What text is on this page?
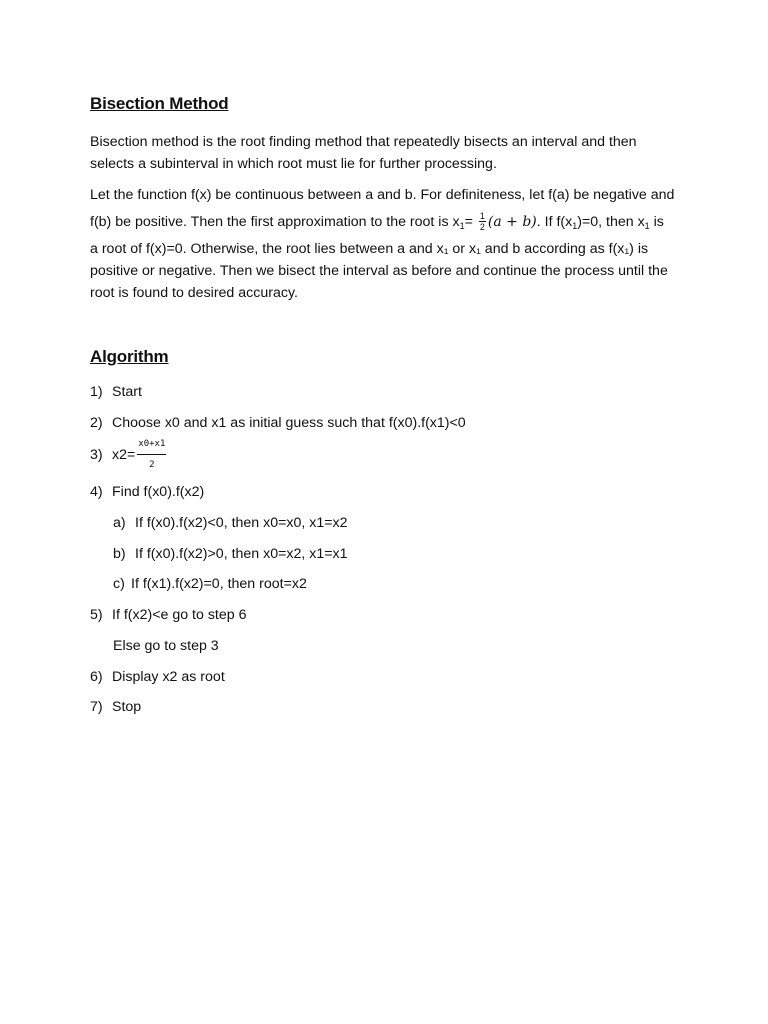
Bisection Method
Bisection method is the root finding method that repeatedly bisects an interval and then
selects a subinterval in which root must lie for further processing.
Let the function f(x) be continuous between a and b. For definiteness, let f(a) be negative and
f(b) be positive. Then the first approximation to the root is $x_1= \frac{1}{2} (a + b)$. If $f(x_1)=0$, then $x_1$ is
a root of f(x)=0. Otherwise, the root lies between a and x₁ or x₁ and b according as f(x₁) is
positive or negative. Then we bisect the interval as before and continue the process until the
root is found to desired accuracy.
Algorithm
1) Start
2) Choose x0 and x1 as initial guess such that f(x0).f(x1)<0
3) $x2= \frac{x0+x1}{2}$
4) Find f(x0).f(x2)
a) If f(x0).f(x2)<0, then x0=x0, x1=x2
b) If f(x0).f(x2)>0, then x0=x2, x1=x1
c) If f(x1).f(x2)=0, then root=x2
5) If f(x2)<e go to step 6
Else go to step 3
6) Display x2 as root
7) Stop
